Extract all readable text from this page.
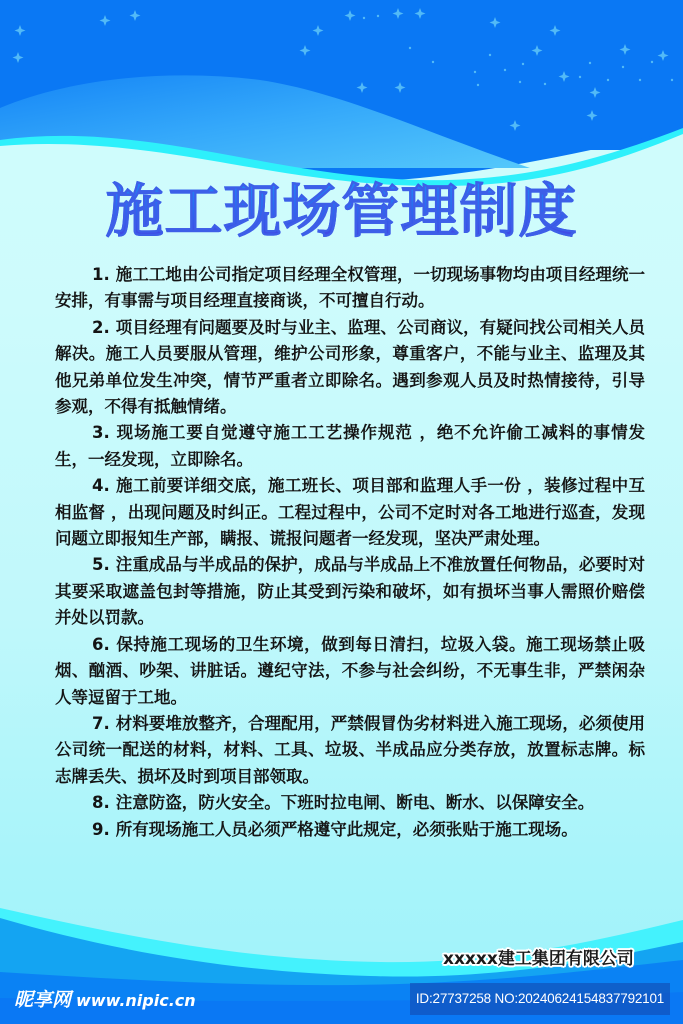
施工现场管理制度

1. 施工工地由公司指定项目经理全权管理，一切现场事物均由项目经理统一安排，有事需与项目经理直接商谈，不可擅自行动。

2. 项目经理有问题要及时与业主、监理、公司商议，有疑问找公司相关人员解决。施工人员要服从管理，维护公司形象，尊重客户，不能与业主、监理及其他兄弟单位发生冲突，情节严重者立即除名。遇到参观人员及时热情接待，引导参观，不得有抵触情绪。

3. 现场施工要自觉遵守施工工艺操作规范 ，绝不允许偷工减料的事情发生，一经发现，立即除名。

4. 施工前要详细交底，施工班长、项目部和监理人手一份 ，装修过程中互相监督 ，出现问题及时纠正。工程过程中，公司不定时对各工地进行巡查，发现问题立即报知生产部，瞒报、谎报问题者一经发现，坚决严肃处理。

5. 注重成品与半成品的保护，成品与半成品上不准放置任何物品，必要时对其要采取遮盖包封等措施，防止其受到污染和破坏，如有损坏当事人需照价赔偿并处以罚款。

6. 保持施工现场的卫生环境，做到每日清扫，垃圾入袋。施工现场禁止吸烟、酗酒、吵架、讲脏话。遵纪守法，不参与社会纠纷，不无事生非，严禁闲杂人等逗留于工地。

7. 材料要堆放整齐，合理配用，严禁假冒伪劣材料进入施工现场，必须使用公司统一配送的材料，材料、工具、垃圾、半成品应分类存放，放置标志牌。标志牌丢失、损坏及时到项目部领取。

8. 注意防盗，防火安全。下班时拉电闸、断电、断水、以保障安全。

9. 所有现场施工人员必须严格遵守此规定，必须张贴于施工现场。

xxxxx建工集团有限公司
昵享网 www.nipic.cn	ID:27737258 NO:20240624154837792101
